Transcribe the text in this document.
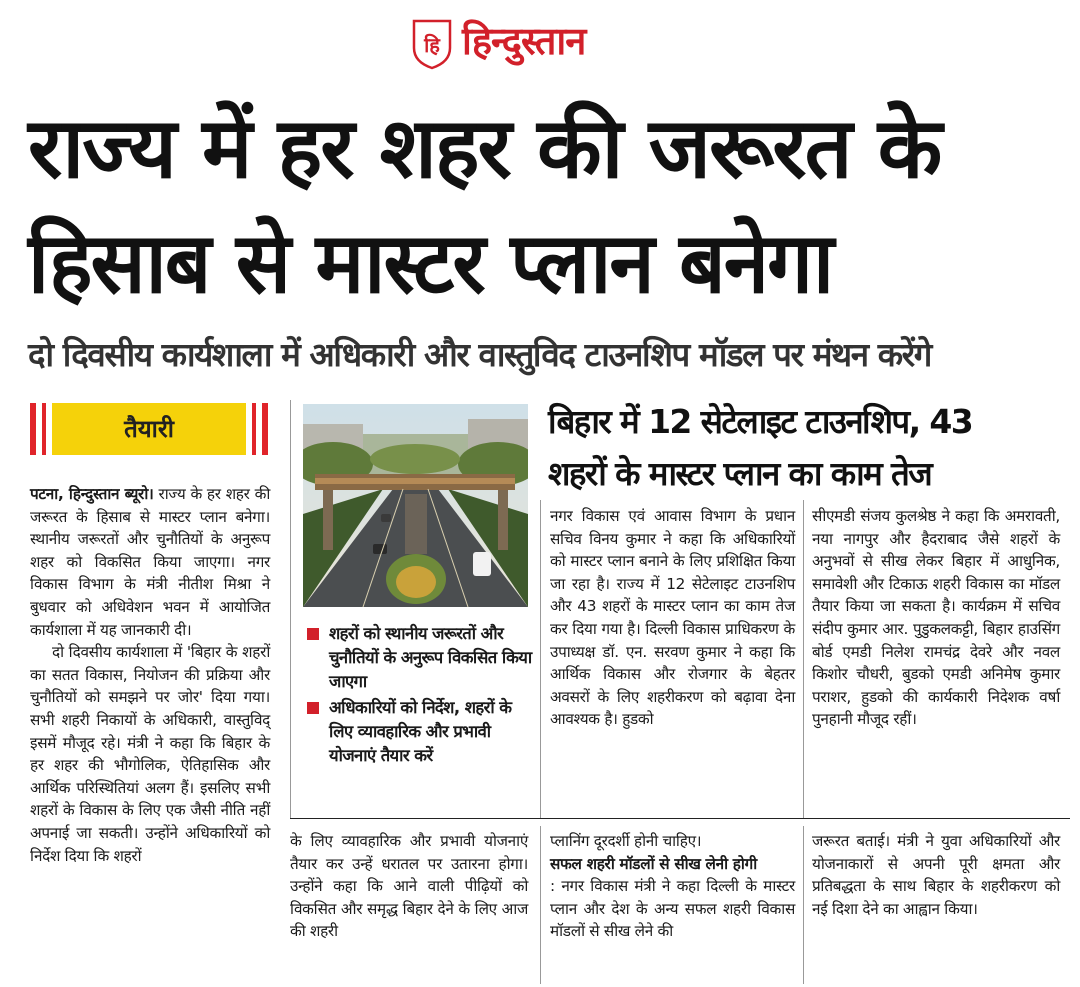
हि हिन्दुस्तान
राज्य में हर शहर की जरूरत के
हिसाब से मास्टर प्लान बनेगा
दो दिवसीय कार्यशाला में अधिकारी और वास्तुविद टाउनशिप मॉडल पर मंथन करेंगे
तैयारी

पटना, हिन्दुस्तान ब्यूरो। राज्य के हर शहर की जरूरत के हिसाब से मास्टर प्लान बनेगा। स्थानीय जरूरतों और चुनौतियों के अनुरूप शहर को विकसित किया जाएगा। नगर विकास विभाग के मंत्री नीतीश मिश्रा ने बुधवार को अधिवेशन भवन में आयोजित कार्यशाला में यह जानकारी दी।

दो दिवसीय कार्यशाला में 'बिहार के शहरों का सतत विकास, नियोजन की प्रक्रिया और चुनौतियों को समझने पर जोर' दिया गया। सभी शहरी निकायों के अधिकारी, वास्तुविद् इसमें मौजूद रहे। मंत्री ने कहा कि बिहार के हर शहर की भौगोलिक, ऐतिहासिक और आर्थिक परिस्थितियां अलग हैं। इसलिए सभी शहरों के विकास के लिए एक जैसी नीति नहीं अपनाई जा सकती। उन्होंने अधिकारियों को निर्देश दिया कि शहरों

शहरों को स्थानीय जरूरतों और चुनौतियों के अनुरूप विकसित किया जाएगा
अधिकारियों को निर्देश, शहरों के लिए व्यावहारिक और प्रभावी योजनाएं तैयार करें
बिहार में 12 सेटेलाइट टाउनशिप, 43
शहरों के मास्टर प्लान का काम तेज
नगर विकास एवं आवास विभाग के प्रधान सचिव विनय कुमार ने कहा कि अधिकारियों को मास्टर प्लान बनाने के लिए प्रशिक्षित किया जा रहा है। राज्य में 12 सेटेलाइट टाउनशिप और 43 शहरों के मास्टर प्लान का काम तेज कर दिया गया है। दिल्ली विकास प्राधिकरण के उपाध्यक्ष डॉ. एन. सरवण कुमार ने कहा कि आर्थिक विकास और रोजगार के बेहतर अवसरों के लिए शहरीकरण को बढ़ावा देना आवश्यक है। हुडको
सीएमडी संजय कुलश्रेष्ठ ने कहा कि अमरावती, नया नागपुर और हैदराबाद जैसे शहरों के अनुभवों से सीख लेकर बिहार में आधुनिक, समावेशी और टिकाऊ शहरी विकास का मॉडल तैयार किया जा सकता है। कार्यक्रम में सचिव संदीप कुमार आर. पुडुकलकट्टी, बिहार हाउसिंग बोर्ड एमडी निलेश रामचंद्र देवरे और नवल किशोर चौधरी, बुडको एमडी अनिमेष कुमार पराशर, हुडको की कार्यकारी निदेशक वर्षा पुनहानी मौजूद रहीं।
के लिए व्यावहारिक और प्रभावी योजनाएं तैयार कर उन्हें धरातल पर उतारना होगा। उन्होंने कहा कि आने वाली पीढ़ियों को विकसित और समृद्ध बिहार देने के लिए आज की शहरी

प्लानिंग दूरदर्शी होनी चाहिए।

सफल शहरी मॉडलों से सीख लेनी होगी

: नगर विकास मंत्री ने कहा दिल्ली के मास्टर प्लान और देश के अन्य सफल शहरी विकास मॉडलों से सीख लेने की

जरूरत बताई। मंत्री ने युवा अधिकारियों और योजनाकारों से अपनी पूरी क्षमता और प्रतिबद्धता के साथ बिहार के शहरीकरण को नई दिशा देने का आह्वान किया।
